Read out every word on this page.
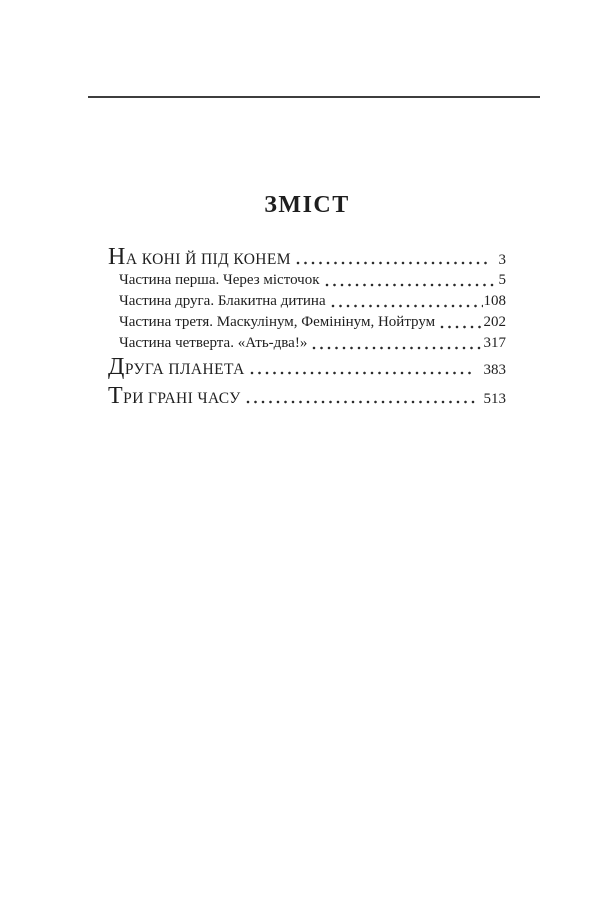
ЗМІСТ
Н А КОНІ Й ПІД КОНЕМ	3
Частина перша. Через місточок	5
Частина друга. Блакитна дитина	108
Частина третя. Маскулінум, Фемінінум, Нойтрум	202
Частина четверта. «Ать-два!»	317
Д РУГА ПЛАНЕТА	383
Т РИ ГРАНІ ЧАСУ	513
